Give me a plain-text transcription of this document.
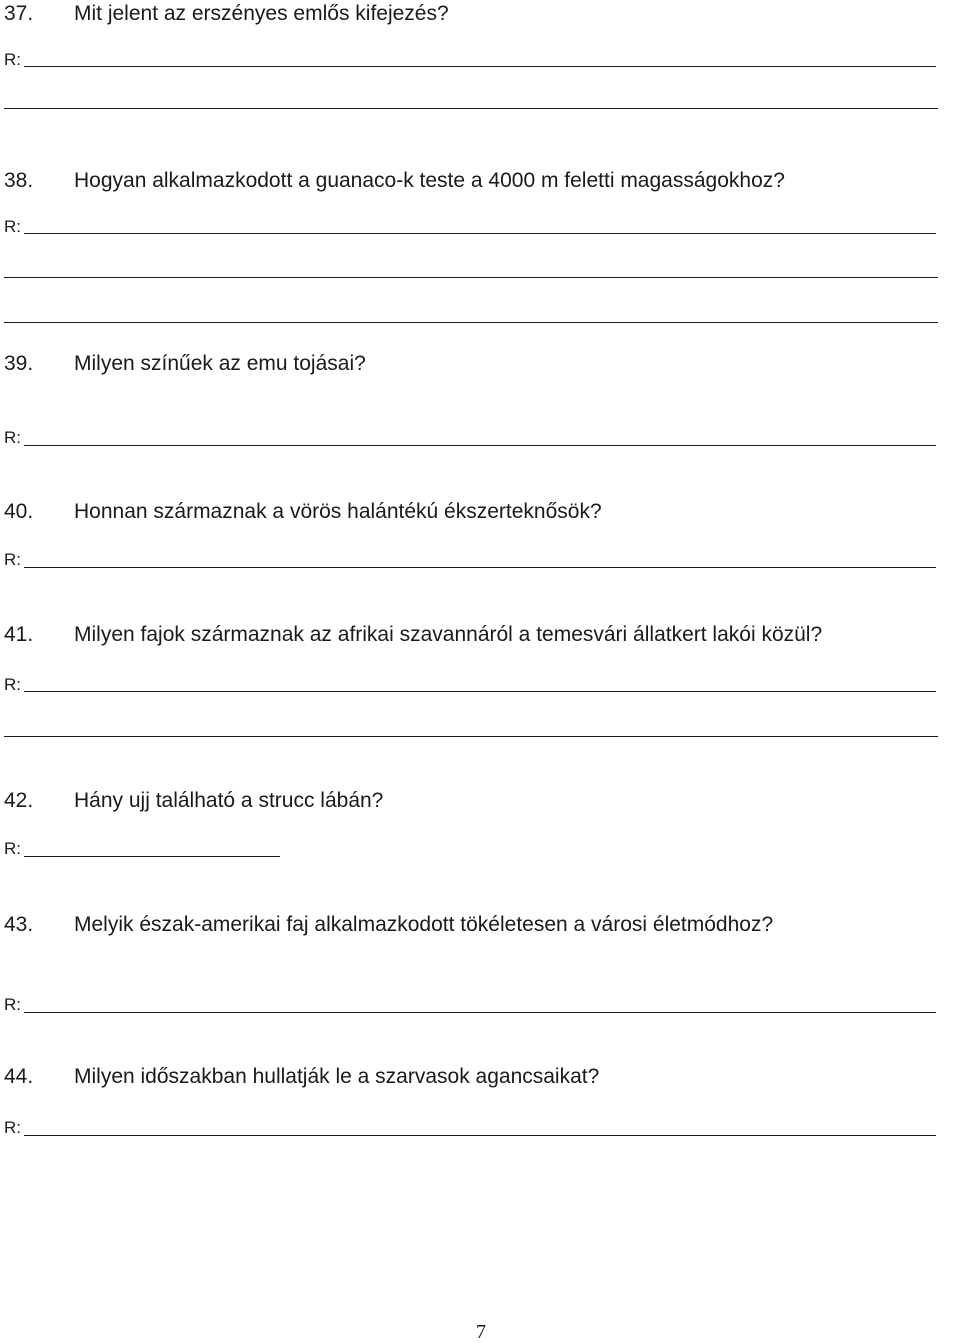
37. Mit jelent az erszényes emlős kifejezés?
R:
38. Hogyan alkalmazkodott a guanaco-k teste a 4000 m feletti magasságokhoz?
R:
39. Milyen színűek az emu tojásai?
R:
40. Honnan származnak a vörös halántékú ékszerteknősök?
R:
41. Milyen fajok származnak az afrikai szavannáról a temesvári állatkert lakói közül?
R:
42. Hány ujj található a strucc lábán?
R:
43. Melyik észak-amerikai faj alkalmazkodott tökéletesen a városi életmódhoz?
R:
44. Milyen időszakban hullatják le a szarvasok agancsaikat?
R:
7
